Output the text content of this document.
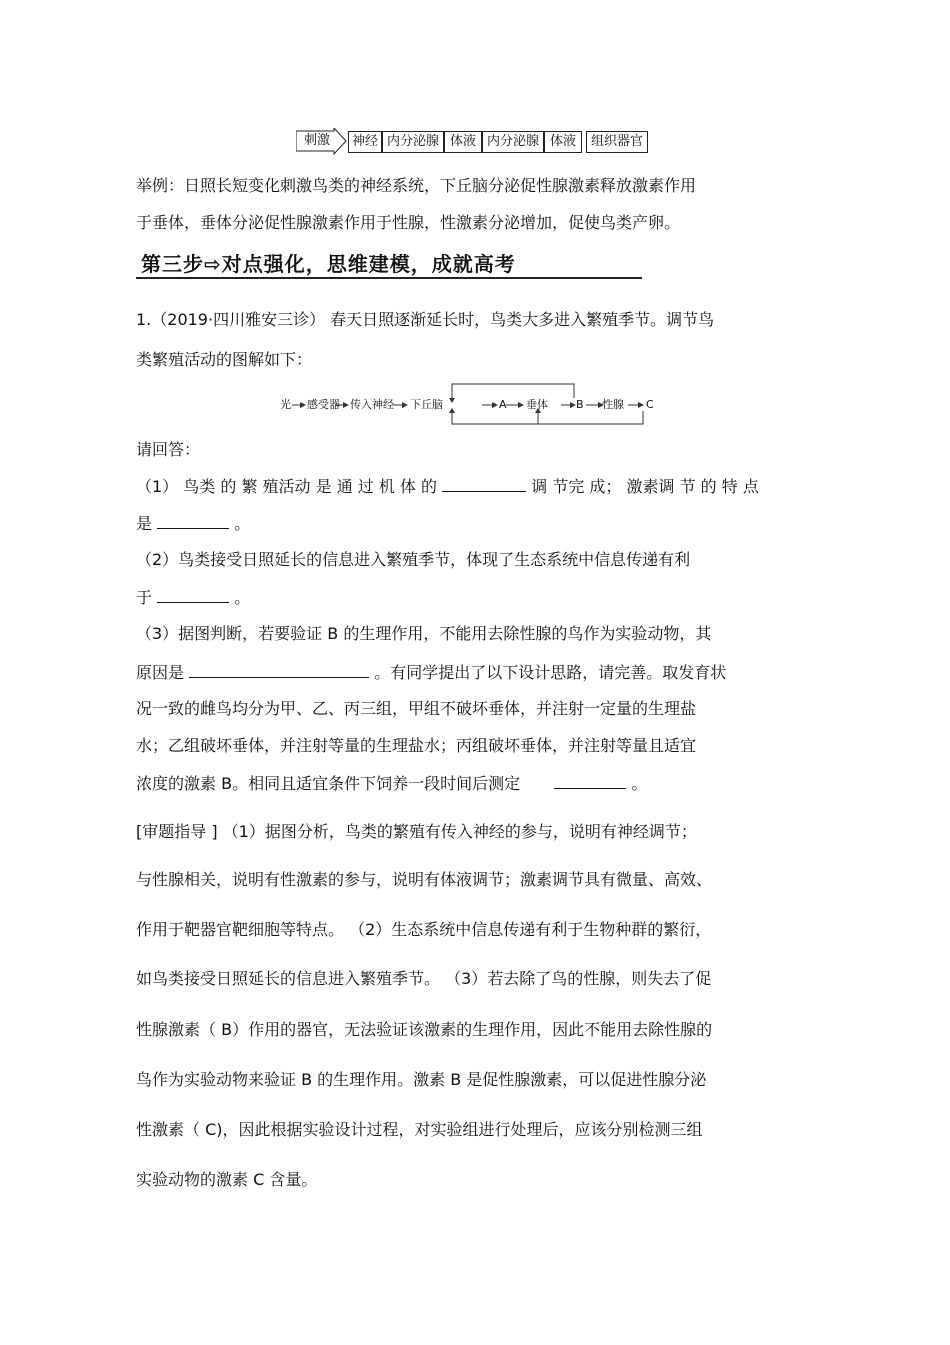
刺激	神经 内分泌腺 体液 内分泌腺 体液	组织器官
举例：日照长短变化刺激鸟类的神经系统，下丘脑分泌促性腺激素释放激素作用
于垂体，垂体分泌促性腺激素作用于性腺，性激素分泌增加，促使鸟类产卵。
第三步⇨对点强化，思维建模，成就高考
1.（2019·四川雅安三诊） 春天日照逐渐延长时，鸟类大多进入繁殖季节。调节鸟
类繁殖活动的图解如下：
光 感受器 传入神经 下丘脑	A 垂体	B 性腺 C
请回答：
（1） 鸟类 的 繁 殖活动 是 通 过 机 体 的	调 节完 成； 激素调 节 的 特 点
是	。
（2）鸟类接受日照延长的信息进入繁殖季节，体现了生态系统中信息传递有利
于	。
（3）据图判断，若要验证 B 的生理作用，不能用去除性腺的鸟作为实验动物，其
原因是	。有同学提出了以下设计思路，请完善。取发育状
况一致的雌鸟均分为甲、乙、丙三组，甲组不破坏垂体，并注射一定量的生理盐
水；乙组破坏垂体，并注射等量的生理盐水；丙组破坏垂体，并注射等量且适宜
浓度的激素 B。相同且适宜条件下饲养一段时间后测定	。
[审题指导 ] （1）据图分析，鸟类的繁殖有传入神经的参与，说明有神经调节；
与性腺相关，说明有性激素的参与，说明有体液调节；激素调节具有微量、高效、
作用于靶器官靶细胞等特点。 （2）生态系统中信息传递有利于生物种群的繁衍，
如鸟类接受日照延长的信息进入繁殖季节。 （3）若去除了鸟的性腺，则失去了促
性腺激素（ B）作用的器官，无法验证该激素的生理作用，因此不能用去除性腺的
鸟作为实验动物来验证 B 的生理作用。激素 B 是促性腺激素，可以促进性腺分泌
性激素（ C)，因此根据实验设计过程，对实验组进行处理后，应该分别检测三组
实验动物的激素 C 含量。
